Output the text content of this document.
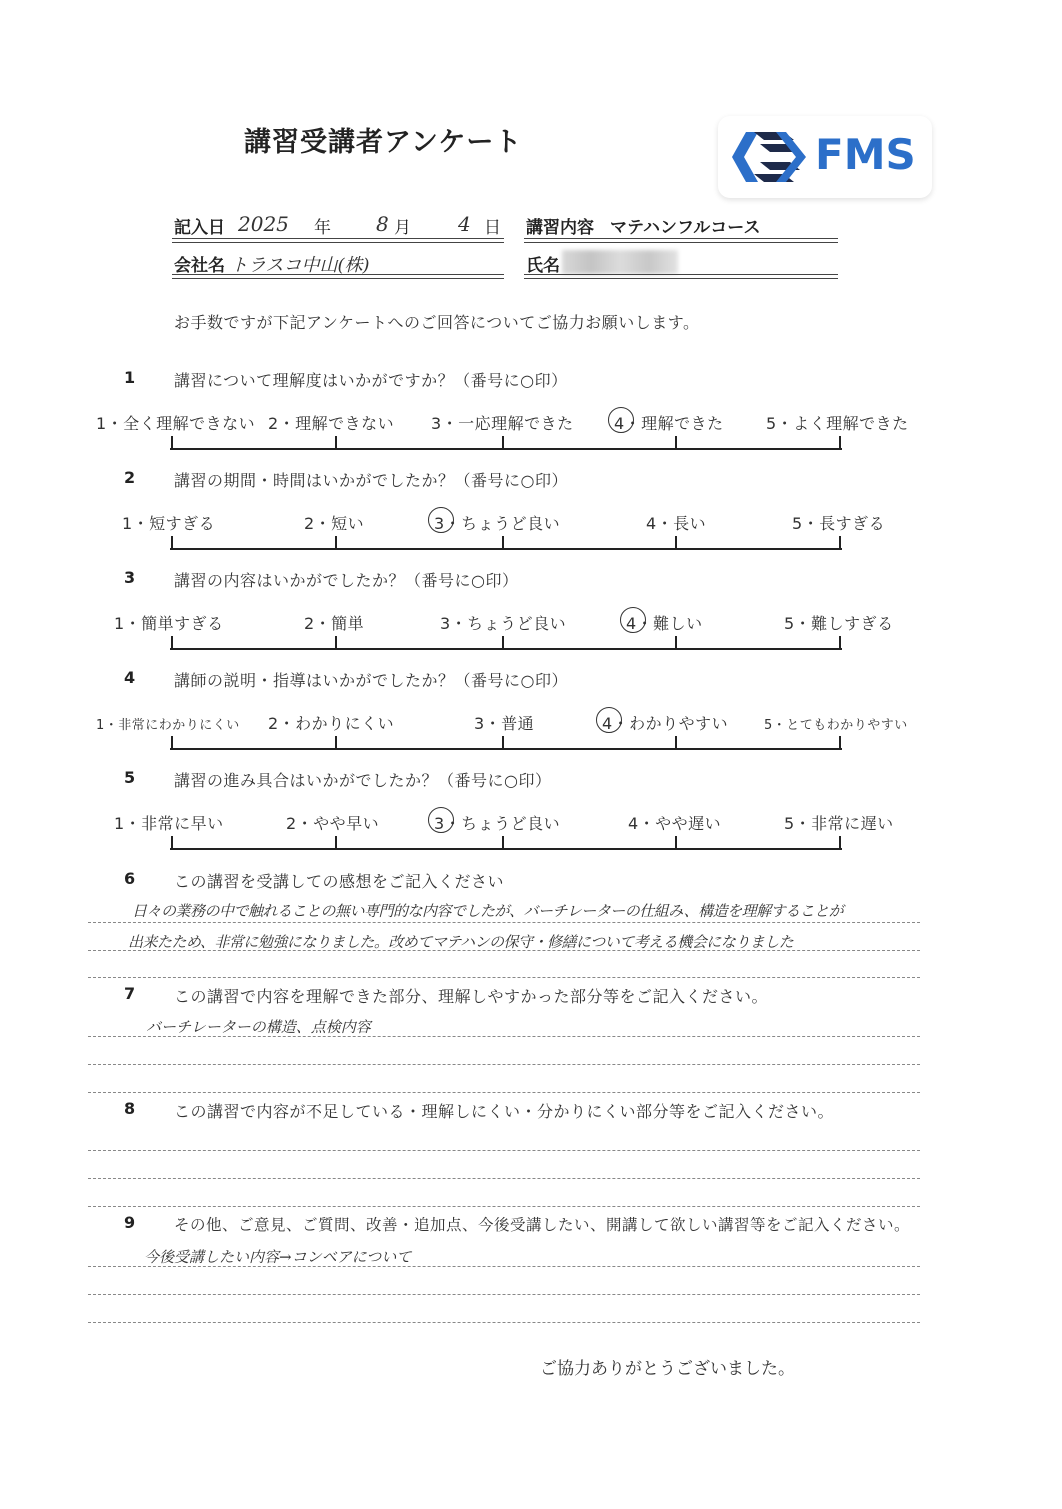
講習受講者アンケート	FMS
記入日 2025 年 8 月 4 日 講習内容 マテハンフルコース
会社名 トラスコ中山(株)	氏名
お手数ですが下記アンケートへのご回答についてご協力お願いします。
1 講習について理解度はいかがですか？（番号に○印）
1・全く理解できない 2・理解できない 3・一応理解できた	4・理解できた	5・よく理解できた
2 講習の期間・時間はいかがでしたか？（番号に○印）
1・短すぎる	2・短い	3・ちょうど良い	4・長い	5・長すぎる
3 講習の内容はいかがでしたか？（番号に○印）
1・簡単すぎる	2・簡単	3・ちょうど良い	4・難しい	5・難しすぎる
4 講師の説明・指導はいかがでしたか？（番号に○印）
1・非常にわかりにくい 2・わかりにくい	3・普通	4・わかりやすい	5・とてもわかりやすい
5 講習の進み具合はいかがでしたか？（番号に○印）
1・非常に早い	2・やや早い	3・ちょうど良い	4・やや遅い	5・非常に遅い
6 この講習を受講しての感想をご記入ください
日々の業務の中で触れることの無い専門的な内容でしたが、バーチレーターの仕組み、構造を理解することが
出来たため、非常に勉強になりました。改めてマテハンの保守・修繕について考える機会になりました
7 この講習で内容を理解できた部分、理解しやすかった部分等をご記入ください。
バーチレーターの構造、点検内容
8 この講習で内容が不足している・理解しにくい・分かりにくい部分等をご記入ください。
9	その他、ご意見、ご質問、改善・追加点、今後受講したい、開講して欲しい講習等をご記入ください。
今後受講したい内容→コンベアについて
ご協力ありがとうございました。
